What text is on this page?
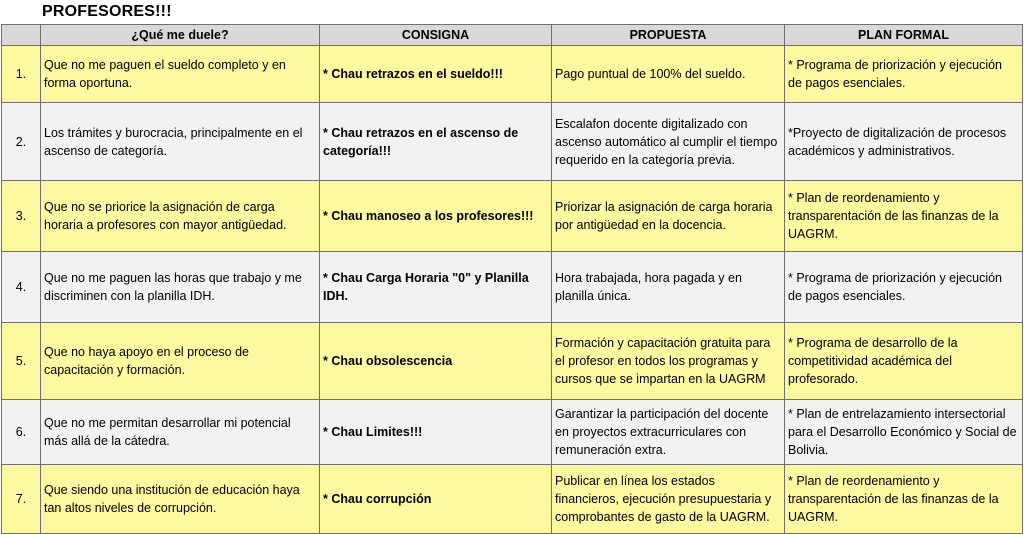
PROFESORES!!!
	¿Qué me duele?	CONSIGNA	PROPUESTA	PLAN FORMAL
1.	Que no me paguen el sueldo completo y en forma oportuna.	* Chau retrazos en el sueldo!!!	Pago puntual de 100% del sueldo.	* Programa de priorización y ejecución de pagos esenciales.
2.	Los trámites y burocracia, principalmente en el ascenso de categoría.	* Chau retrazos en el ascenso de categoría!!!	Escalafon docente digitalizado con ascenso automático al cumplir el tiempo requerido en la categoría previa.	*Proyecto de digitalización de procesos académicos y administrativos.
3.	Que no se priorice la asignación de carga horaria a profesores con mayor antigüedad.	* Chau manoseo a los profesores!!!	Priorizar la asignación de carga horaria por antigüedad en la docencia.	* Plan de reordenamiento y transparentación de las finanzas de la UAGRM.
4.	Que no me paguen las horas que trabajo y me discriminen con la planilla IDH.	* Chau Carga Horaria "0" y Planilla IDH.	Hora trabajada, hora pagada y en planilla única.	* Programa de priorización y ejecución de pagos esenciales.
5.	Que no haya apoyo en el proceso de capacitación y formación.	* Chau obsolescencia	Formación y capacitación gratuita para el profesor en todos los programas y cursos que se impartan en la UAGRM	* Programa de desarrollo de la competitividad académica del profesorado.
6.	Que no me permitan desarrollar mi potencial más allá de la cátedra.	* Chau Limites!!!	Garantizar la participación del docente en proyectos extracurriculares con remuneración extra.	* Plan de entrelazamiento intersectorial para el Desarrollo Económico y Social de Bolivia.
7.	Que siendo una institución de educación haya tan altos niveles de corrupción.	* Chau corrupción	Publicar en línea los estados financieros, ejecución presupuestaria y comprobantes de gasto de la UAGRM.	* Plan de reordenamiento y transparentación de las finanzas de la UAGRM.
